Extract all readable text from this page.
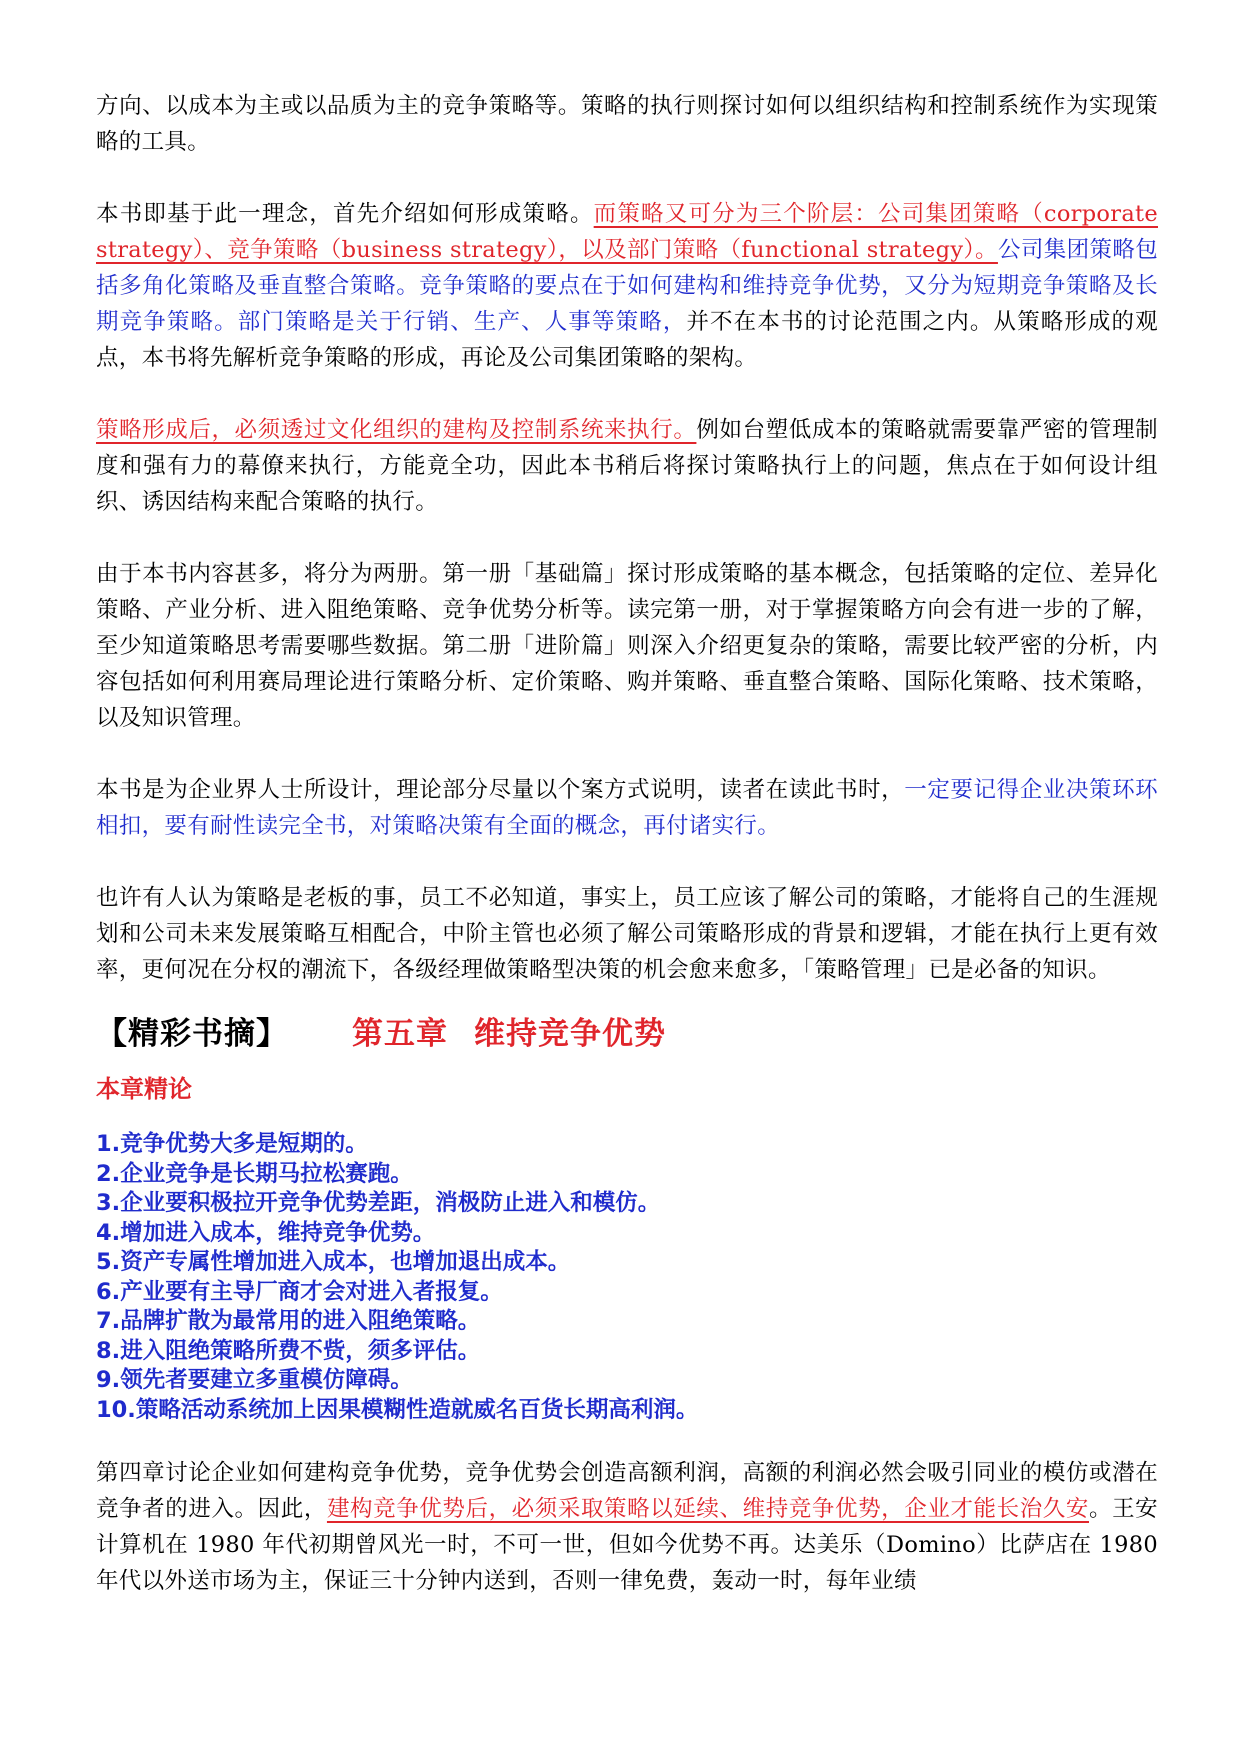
方向、以成本为主或以品质为主的竞争策略等。策略的执行则探讨如何以组织结构和控制系统作为实现策略的工具。

本书即基于此一理念，首先介绍如何形成策略。而策略又可分为三个阶层：公司集团策略（corporate strategy）、竞争策略（business strategy），以及部门策略（functional strategy）。公司集团策略包括多角化策略及垂直整合策略。竞争策略的要点在于如何建构和维持竞争优势，又分为短期竞争策略及长期竞争策略。部门策略是关于行销、生产、人事等策略，并不在本书的讨论范围之内。从策略形成的观点，本书将先解析竞争策略的形成，再论及公司集团策略的架构。

策略形成后，必须透过文化组织的建构及控制系统来执行。例如台塑低成本的策略就需要靠严密的管理制度和强有力的幕僚来执行，方能竟全功，因此本书稍后将探讨策略执行上的问题，焦点在于如何设计组织、诱因结构来配合策略的执行。

由于本书内容甚多，将分为两册。第一册「基础篇」探讨形成策略的基本概念，包括策略的定位、差异化策略、产业分析、进入阻绝策略、竞争优势分析等。读完第一册，对于掌握策略方向会有进一步的了解，至少知道策略思考需要哪些数据。第二册「进阶篇」则深入介绍更复杂的策略，需要比较严密的分析，内容包括如何利用赛局理论进行策略分析、定价策略、购并策略、垂直整合策略、国际化策略、技术策略，以及知识管理。

本书是为企业界人士所设计，理论部分尽量以个案方式说明，读者在读此书时，一定要记得企业决策环环相扣，要有耐性读完全书，对策略决策有全面的概念，再付诸实行。

也许有人认为策略是老板的事，员工不必知道，事实上，员工应该了解公司的策略，才能将自己的生涯规划和公司未来发展策略互相配合，中阶主管也必须了解公司策略形成的背景和逻辑，才能在执行上更有效率，更何况在分权的潮流下，各级经理做策略型决策的机会愈来愈多，「策略管理」已是必备的知识。

【精彩书摘】 第五章 维持竞争优势
本章精论
1.竞争优势大多是短期的。
2.企业竞争是长期马拉松赛跑。
3.企业要积极拉开竞争优势差距，消极防止进入和模仿。
4.增加进入成本，维持竞争优势。
5.资产专属性增加进入成本，也增加退出成本。
6.产业要有主导厂商才会对进入者报复。
7.品牌扩散为最常用的进入阻绝策略。
8.进入阻绝策略所费不赀，须多评估。
9.领先者要建立多重模仿障碍。
10.策略活动系统加上因果模糊性造就威名百货长期高利润。

第四章讨论企业如何建构竞争优势，竞争优势会创造高额利润，高额的利润必然会吸引同业的模仿或潜在竞争者的进入。因此，建构竞争优势后，必须采取策略以延续、维持竞争优势，企业才能长治久安。王安计算机在 1980 年代初期曾风光一时，不可一世，但如今优势不再。达美乐（Domino）比萨店在 1980 年代以外送市场为主，保证三十分钟内送到，否则一律免费，轰动一时，每年业绩
